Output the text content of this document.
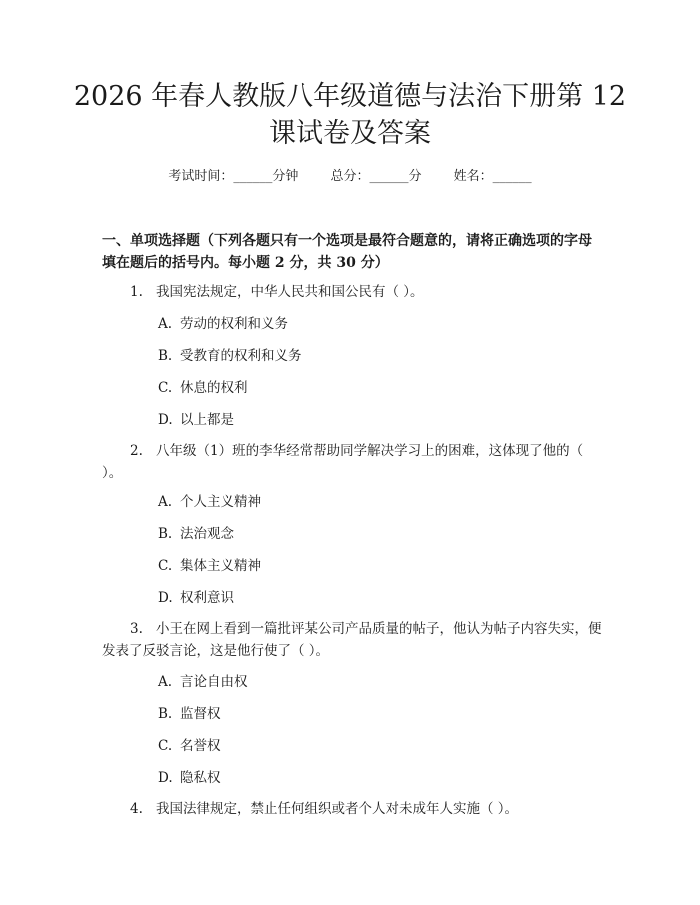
2026 年春人教版八年级道德与法治下册第 12 课试卷及答案
考试时间：______分钟 总分：______分 姓名：______

一、单项选择题（下列各题只有一个选项是最符合题意的，请将正确选项的字母填在题后的括号内。每小题 2 分，共 30 分）

1. 我国宪法规定，中华人民共和国公民有（ ）。

A. 劳动的权利和义务

B. 受教育的权利和义务

C. 休息的权利

D. 以上都是

2. 八年级（1）班的李华经常帮助同学解决学习上的困难，这体现了他的（ ）。

A. 个人主义精神

B. 法治观念

C. 集体主义精神

D. 权利意识

3. 小王在网上看到一篇批评某公司产品质量的帖子，他认为帖子内容失实，便发表了反驳言论，这是他行使了（ ）。

A. 言论自由权

B. 监督权

C. 名誉权

D. 隐私权

4. 我国法律规定，禁止任何组织或者个人对未成年人实施（ ）。
